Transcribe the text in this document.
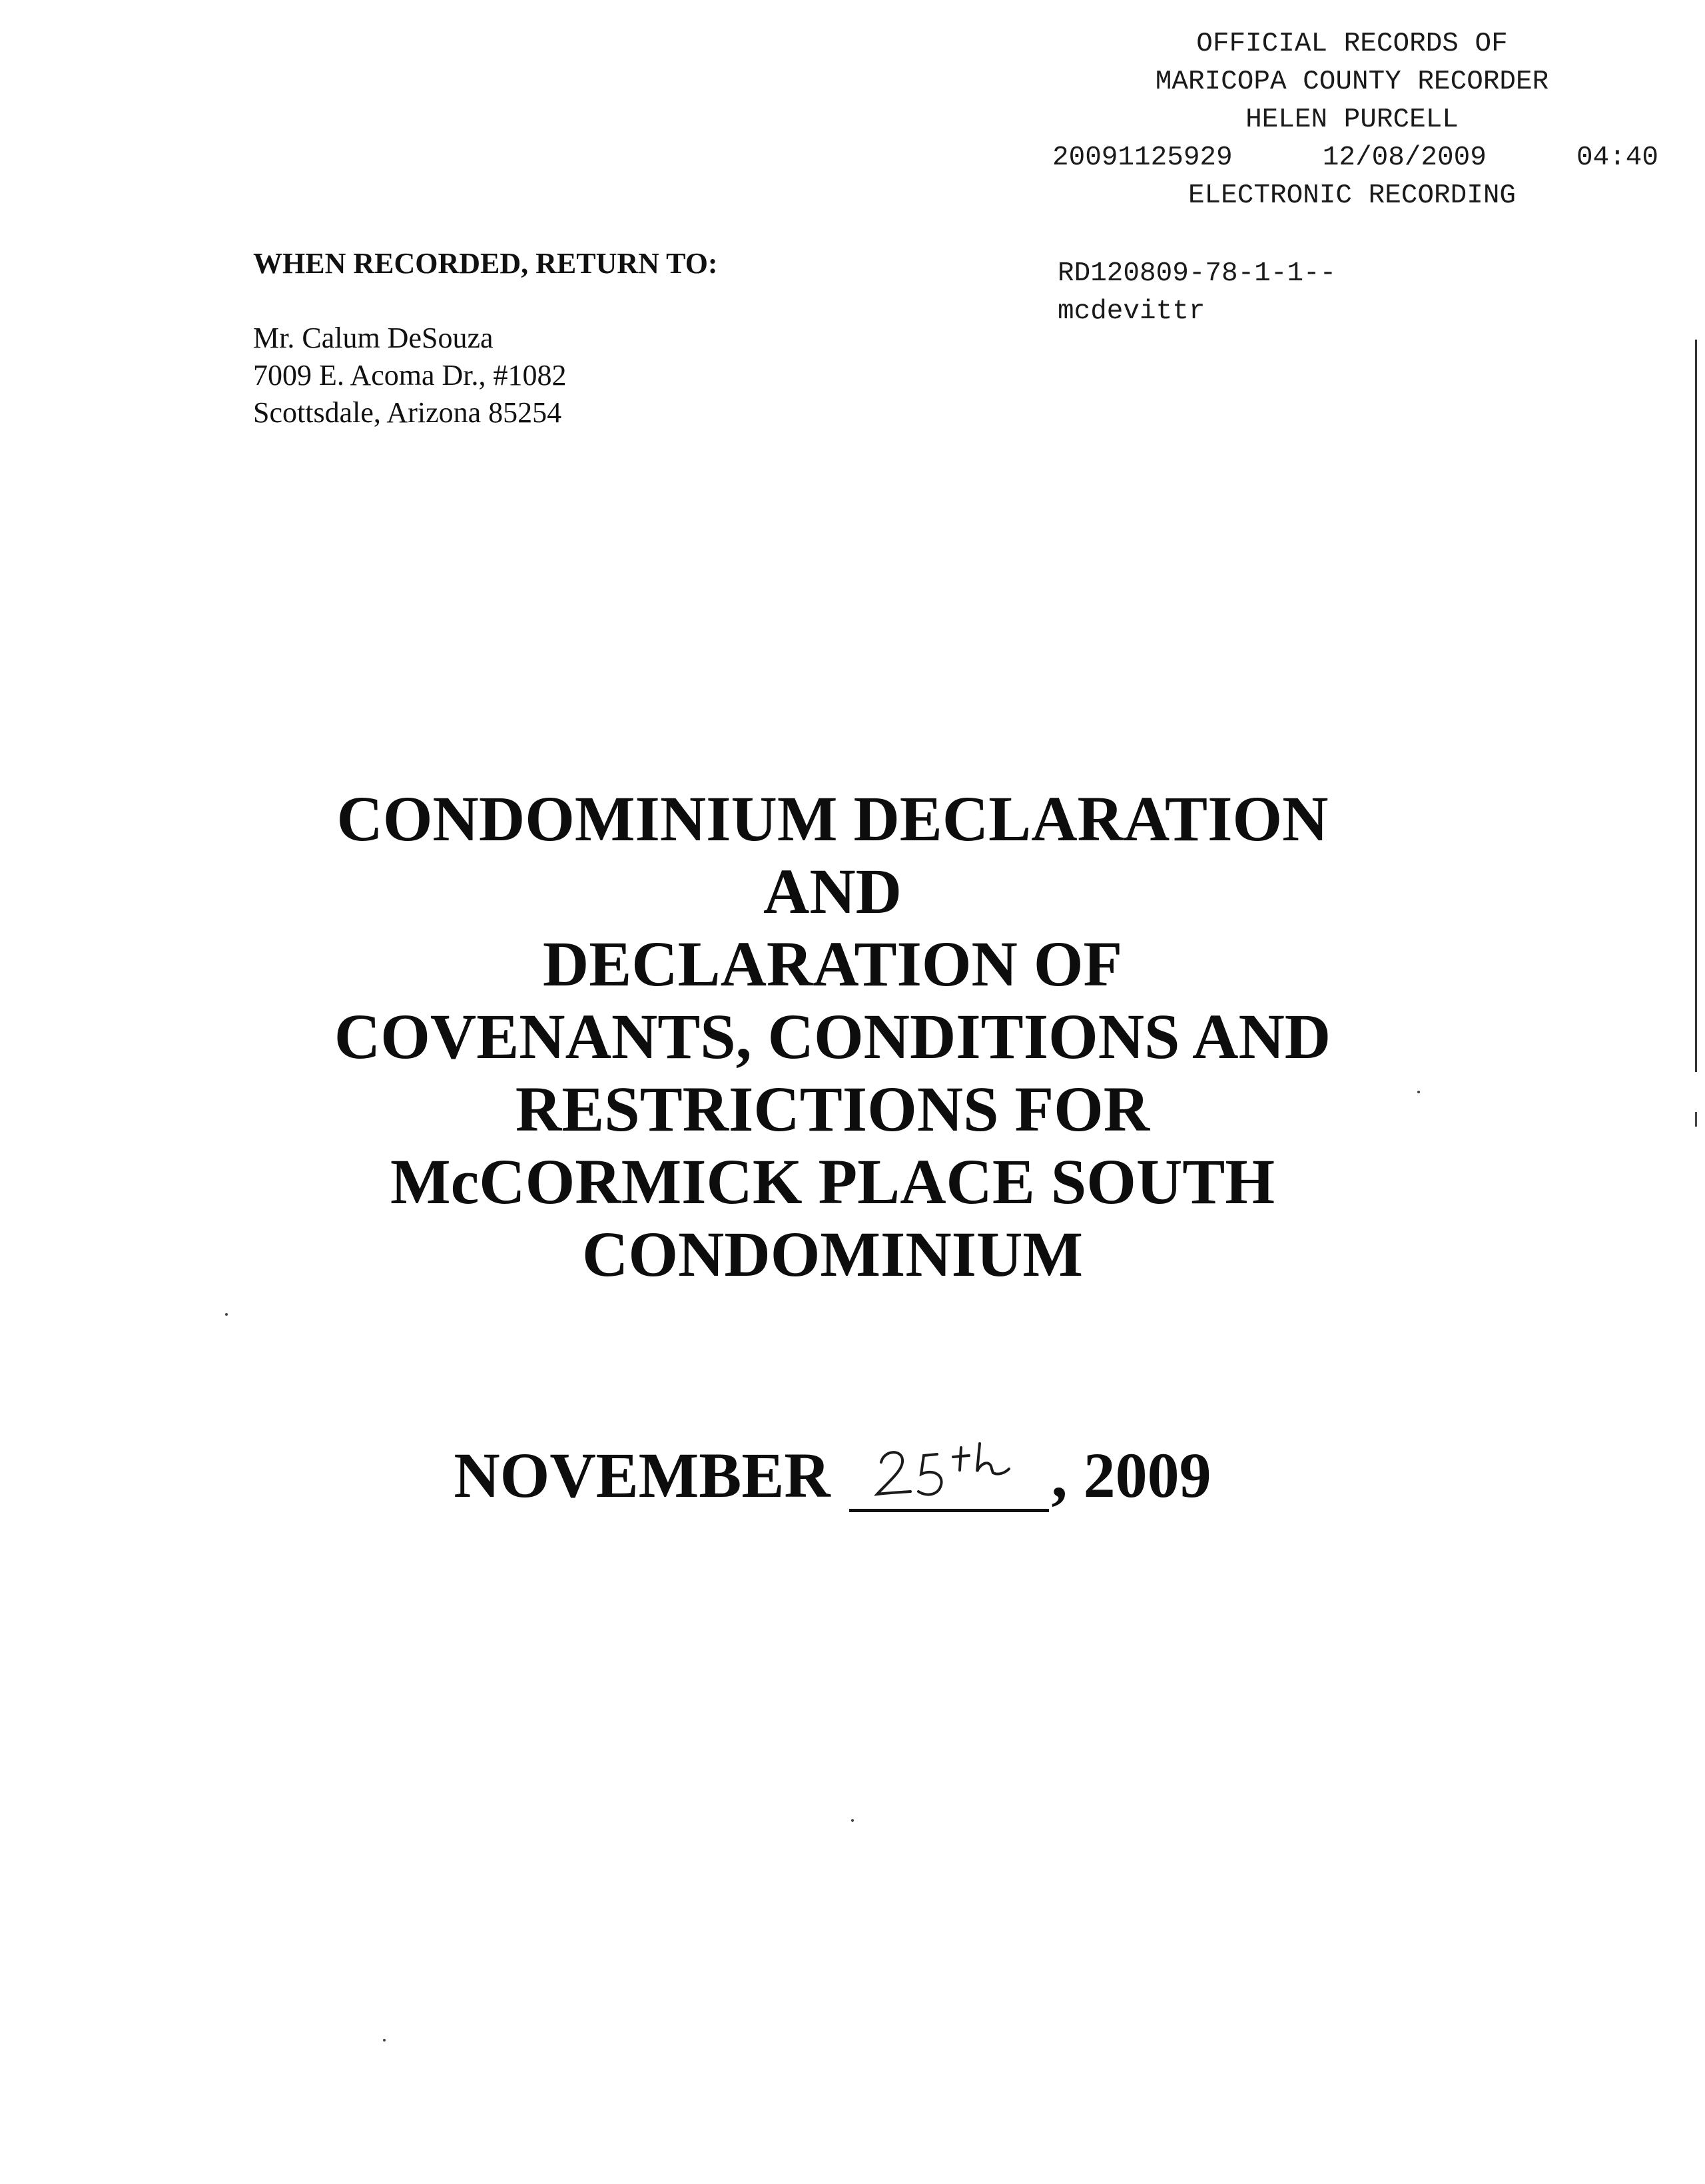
OFFICIAL RECORDS OF
MARICOPA COUNTY RECORDER
HELEN PURCELL
20091125929	12/08/2009	04:40
ELECTRONIC RECORDING
RD120809-78-1-1--
mcdevittr
WHEN RECORDED, RETURN TO:
Mr. Calum DeSouza
7009 E. Acoma Dr., #1082
Scottsdale, Arizona 85254
CONDOMINIUM DECLARATION
AND
DECLARATION OF
COVENANTS, CONDITIONS AND
RESTRICTIONS FOR
McCORMICK PLACE SOUTH
CONDOMINIUM
NOVEMBER	, 2009
